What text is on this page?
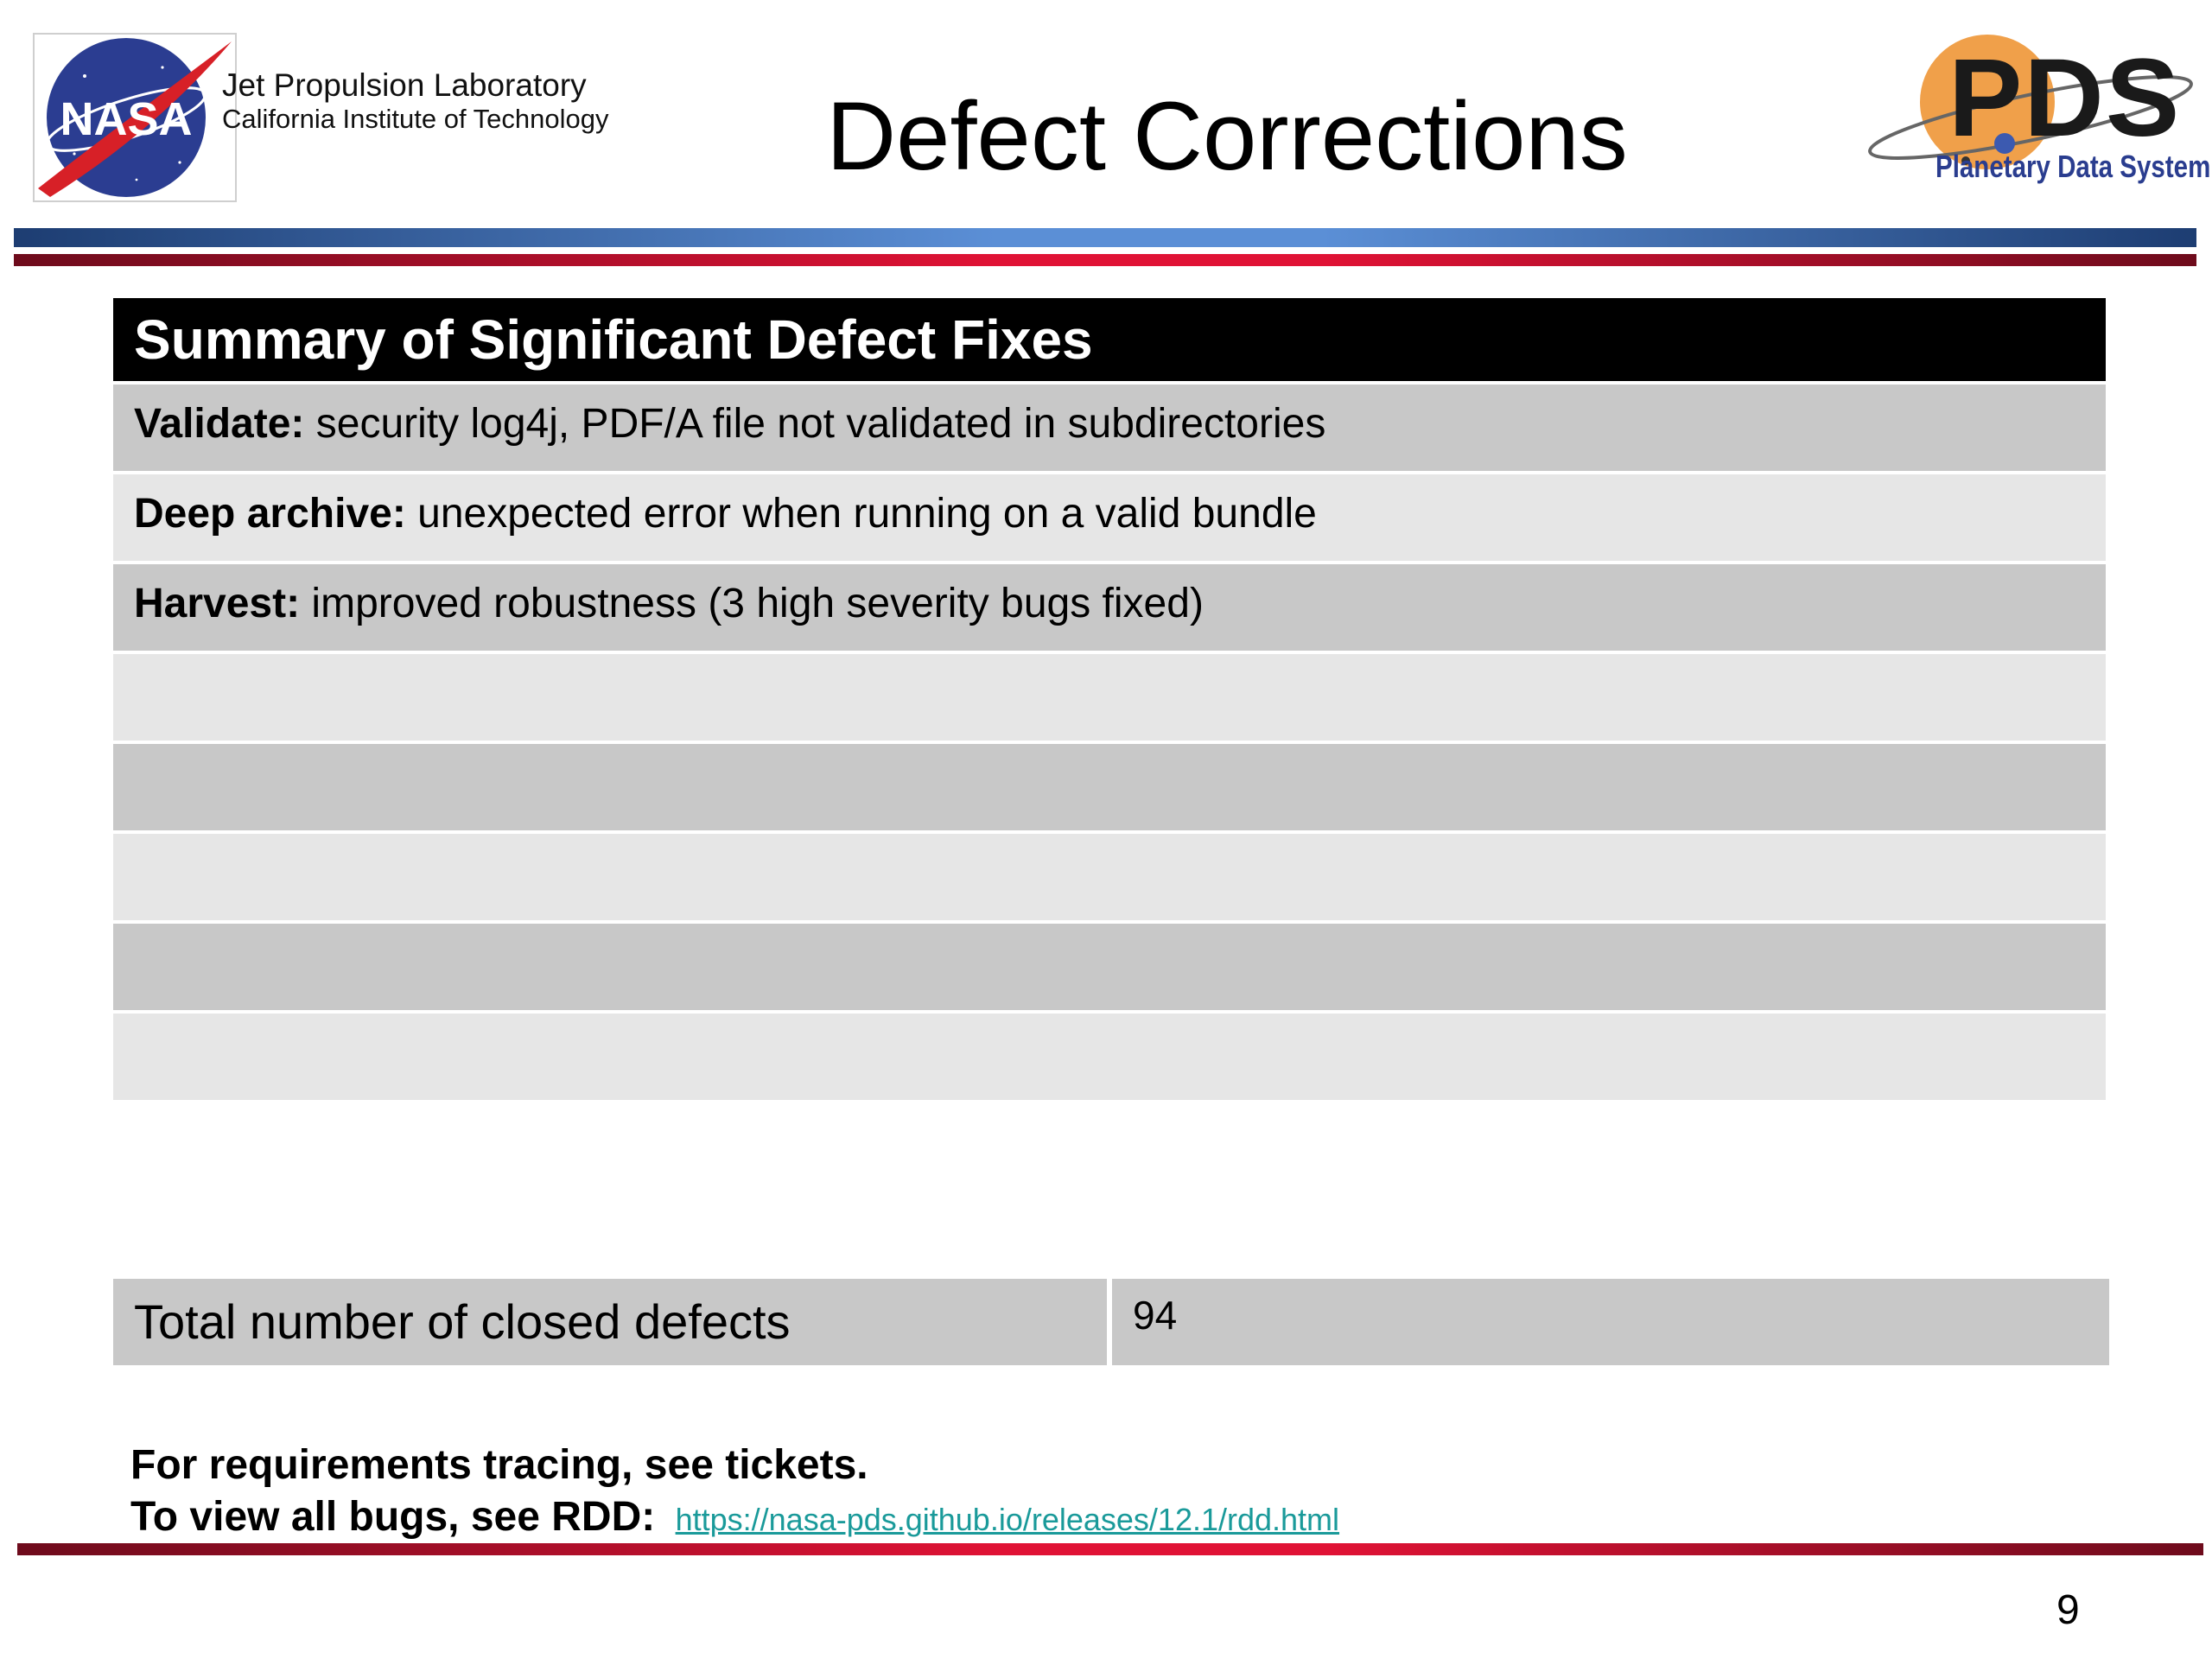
NASA
Jet Propulsion Laboratory
California Institute of Technology	Defect Corrections	PDS
Planetary Data System
Summary of Significant Defect Fixes
Validate: security log4j, PDF/A file not validated in subdirectories
Deep archive: unexpected error when running on a valid bundle
Harvest: improved robustness (3 high severity bugs fixed)
Total number of closed defects	94
For requirements tracing, see tickets.
To view all bugs, see RDD: https://nasa-pds.github.io/releases/12.1/rdd.html
9
